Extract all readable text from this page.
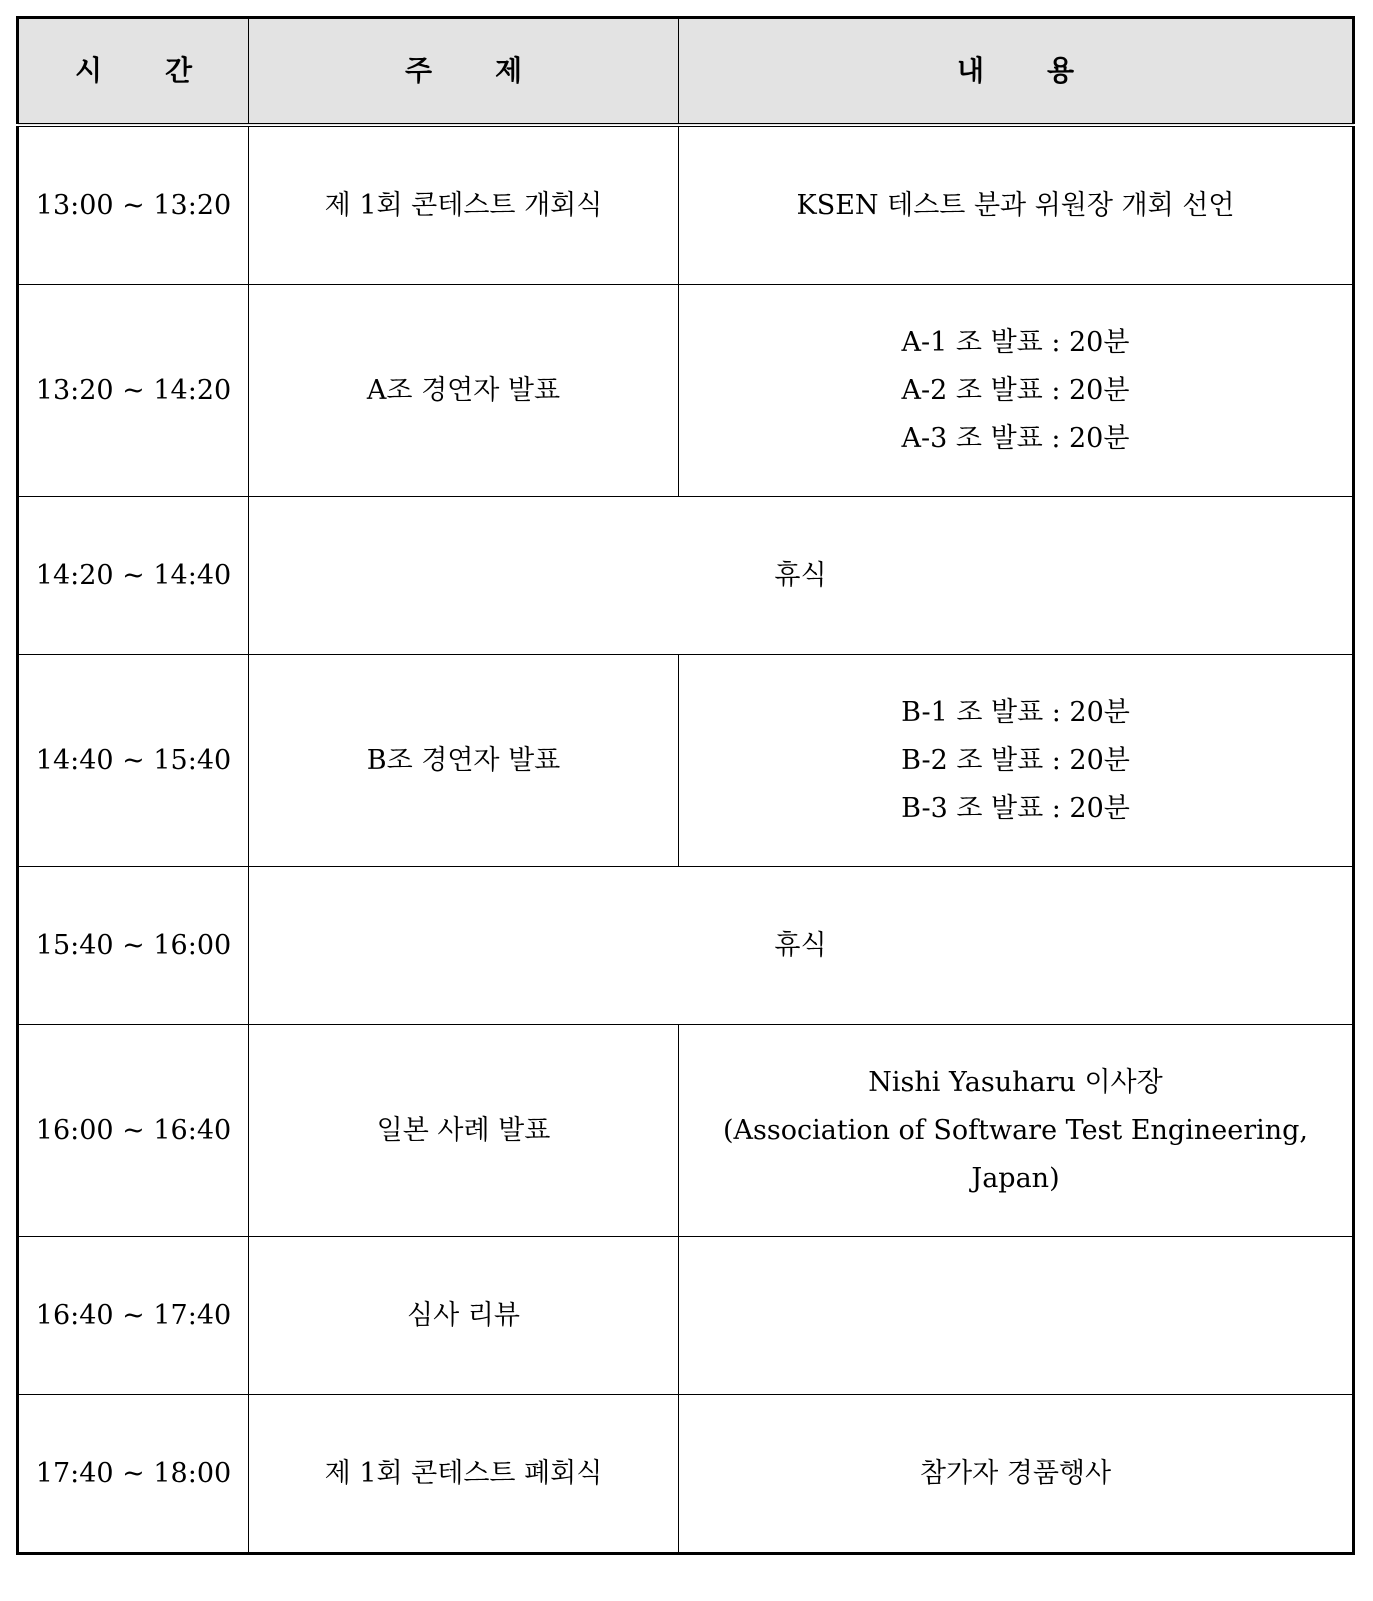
시 간	주 제	내 용
13:00 ~ 13:20	제 1회 콘테스트 개회식	KSEN 테스트 분과 위원장 개회 선언

13:20 ~ 14:20	A조 경연자 발표	A-1 조 발표 : 20분
A-2 조 발표 : 20분
A-3 조 발표 : 20분

14:20 ~ 14:40	휴식	
14:40 ~ 15:40	B조 경연자 발표	B-1 조 발표 : 20분
B-2 조 발표 : 20분
B-3 조 발표 : 20분

15:40 ~ 16:00	휴식	
16:00 ~ 16:40	일본 사례 발표	Nishi Yasuharu 이사장
(Association of Software Test Engineering, Japan)

16:40 ~ 17:40	심사 리뷰	
17:40 ~ 18:00	제 1회 콘테스트 폐회식	참가자 경품행사
